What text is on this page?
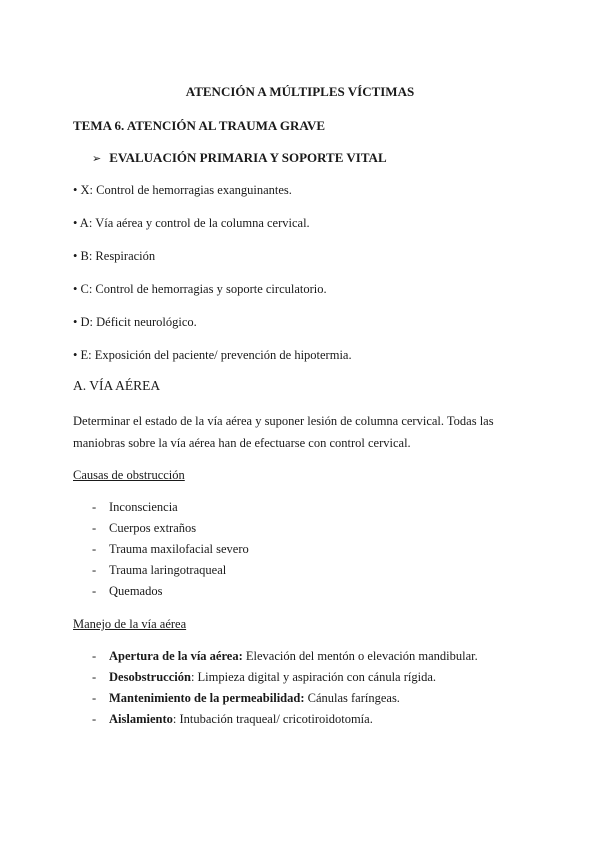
ATENCIÓN A MÚLTIPLES VÍCTIMAS
TEMA 6. ATENCIÓN AL TRAUMA GRAVE
➢ EVALUACIÓN PRIMARIA Y SOPORTE VITAL
• X: Control de hemorragias exanguinantes.
• A: Vía aérea y control de la columna cervical.
• B: Respiración
• C: Control de hemorragias y soporte circulatorio.
• D: Déficit neurológico.
• E: Exposición del paciente/ prevención de hipotermia.
A. VÍA AÉREA
Determinar el estado de la vía aérea y suponer lesión de columna cervical. Todas las maniobras sobre la vía aérea han de efectuarse con control cervical.
Causas de obstrucción
- Inconsciencia
- Cuerpos extraños
- Trauma maxilofacial severo
- Trauma laringotraqueal
- Quemados
Manejo de la vía aérea
- Apertura de la vía aérea: Elevación del mentón o elevación mandibular.
- Desobstrucción: Limpieza digital y aspiración con cánula rígida.
- Mantenimiento de la permeabilidad: Cánulas faríngeas.
- Aislamiento: Intubación traqueal/ cricotiroidotomía.
